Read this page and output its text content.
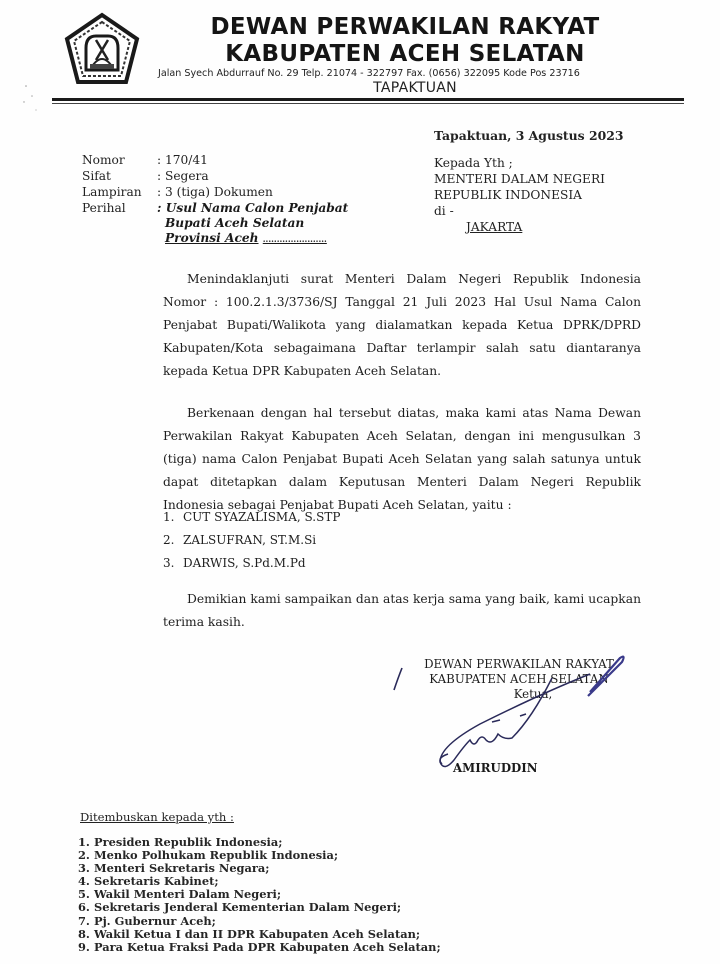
DEWAN PERWAKILAN RAKYAT
KABUPATEN ACEH SELATAN
Jalan Syech Abdurrauf No. 29 Telp. 21074 - 322797 Fax. (0656) 322095 Kode Pos 23716
TAPAKTUAN
Nomor	: 170/41
Sifat	: Segera
Lampiran : 3 (tiga) Dokumen
Perihal	: Usul Nama Calon Penjabat
Bupati Aceh Selatan
Provinsi Aceh .......................
Tapaktuan, 3 Agustus 2023
Kepada Yth ;
MENTERI DALAM NEGERI
REPUBLIK INDONESIA
di -
JAKARTA
Menindaklanjuti surat Menteri Dalam Negeri Republik Indonesia Nomor : 100.2.1.3/3736/SJ Tanggal 21 Juli 2023 Hal Usul Nama Calon Penjabat Bupati/Walikota yang dialamatkan kepada Ketua DPRK/DPRD Kabupaten/Kota sebagaimana Daftar terlampir salah satu diantaranya kepada Ketua DPR Kabupaten Aceh Selatan.
Berkenaan dengan hal tersebut diatas, maka kami atas Nama Dewan Perwakilan Rakyat Kabupaten Aceh Selatan, dengan ini mengusulkan 3 (tiga) nama Calon Penjabat Bupati Aceh Selatan yang salah satunya untuk dapat ditetapkan dalam Keputusan Menteri Dalam Negeri Republik Indonesia sebagai Penjabat Bupati Aceh Selatan, yaitu :
1. CUT SYAZALISMA, S.STP
2. ZALSUFRAN, ST.M.Si
3. DARWIS, S.Pd.M.Pd
Demikian kami sampaikan dan atas kerja sama yang baik, kami ucapkan terima kasih.
DEWAN PERWAKILAN RAKYAT
KABUPATEN ACEH SELATAN
Ketua,
AMIRUDDIN
Ditembuskan kepada yth :
1. Presiden Republik Indonesia;
2. Menko Polhukam Republik Indonesia;
3. Menteri Sekretaris Negara;
4. Sekretaris Kabinet;
5. Wakil Menteri Dalam Negeri;
6. Sekretaris Jenderal Kementerian Dalam Negeri;
7. Pj. Gubernur Aceh;
8. Wakil Ketua I dan II DPR Kabupaten Aceh Selatan;
9. Para Ketua Fraksi Pada DPR Kabupaten Aceh Selatan;
